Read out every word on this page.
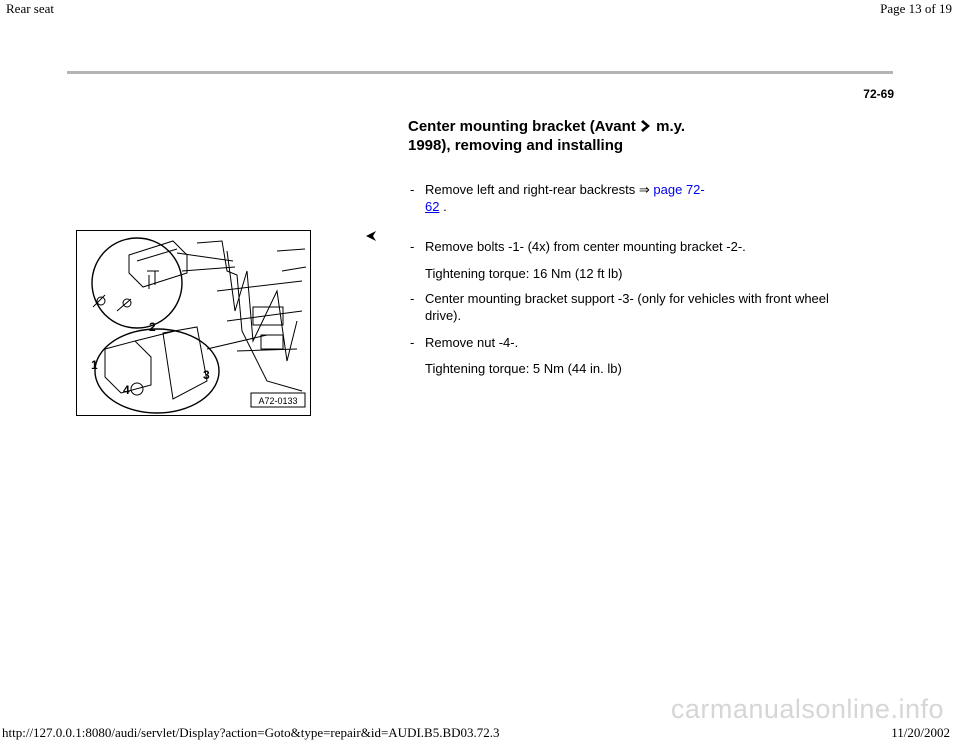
Rear seat	Page 13 of 19
72-69
Center mounting bracket (Avant m.y.
1998), removing and installing
- Remove left and right-rear backrests ⇒ page 72-
62 .
1
2
3
4
A72-0133
- Remove bolts -1- (4x) from center mounting bracket -2-.
Tightening torque: 16 Nm (12 ft lb)
- Center mounting bracket support -3- (only for vehicles with front wheel
drive).
- Remove nut -4-.
Tightening torque: 5 Nm (44 in. lb)
carmanualsonline.info
http://127.0.0.1:8080/audi/servlet/Display?action=Goto&type=repair&id=AUDI.B5.BD03.72.3	11/20/2002
